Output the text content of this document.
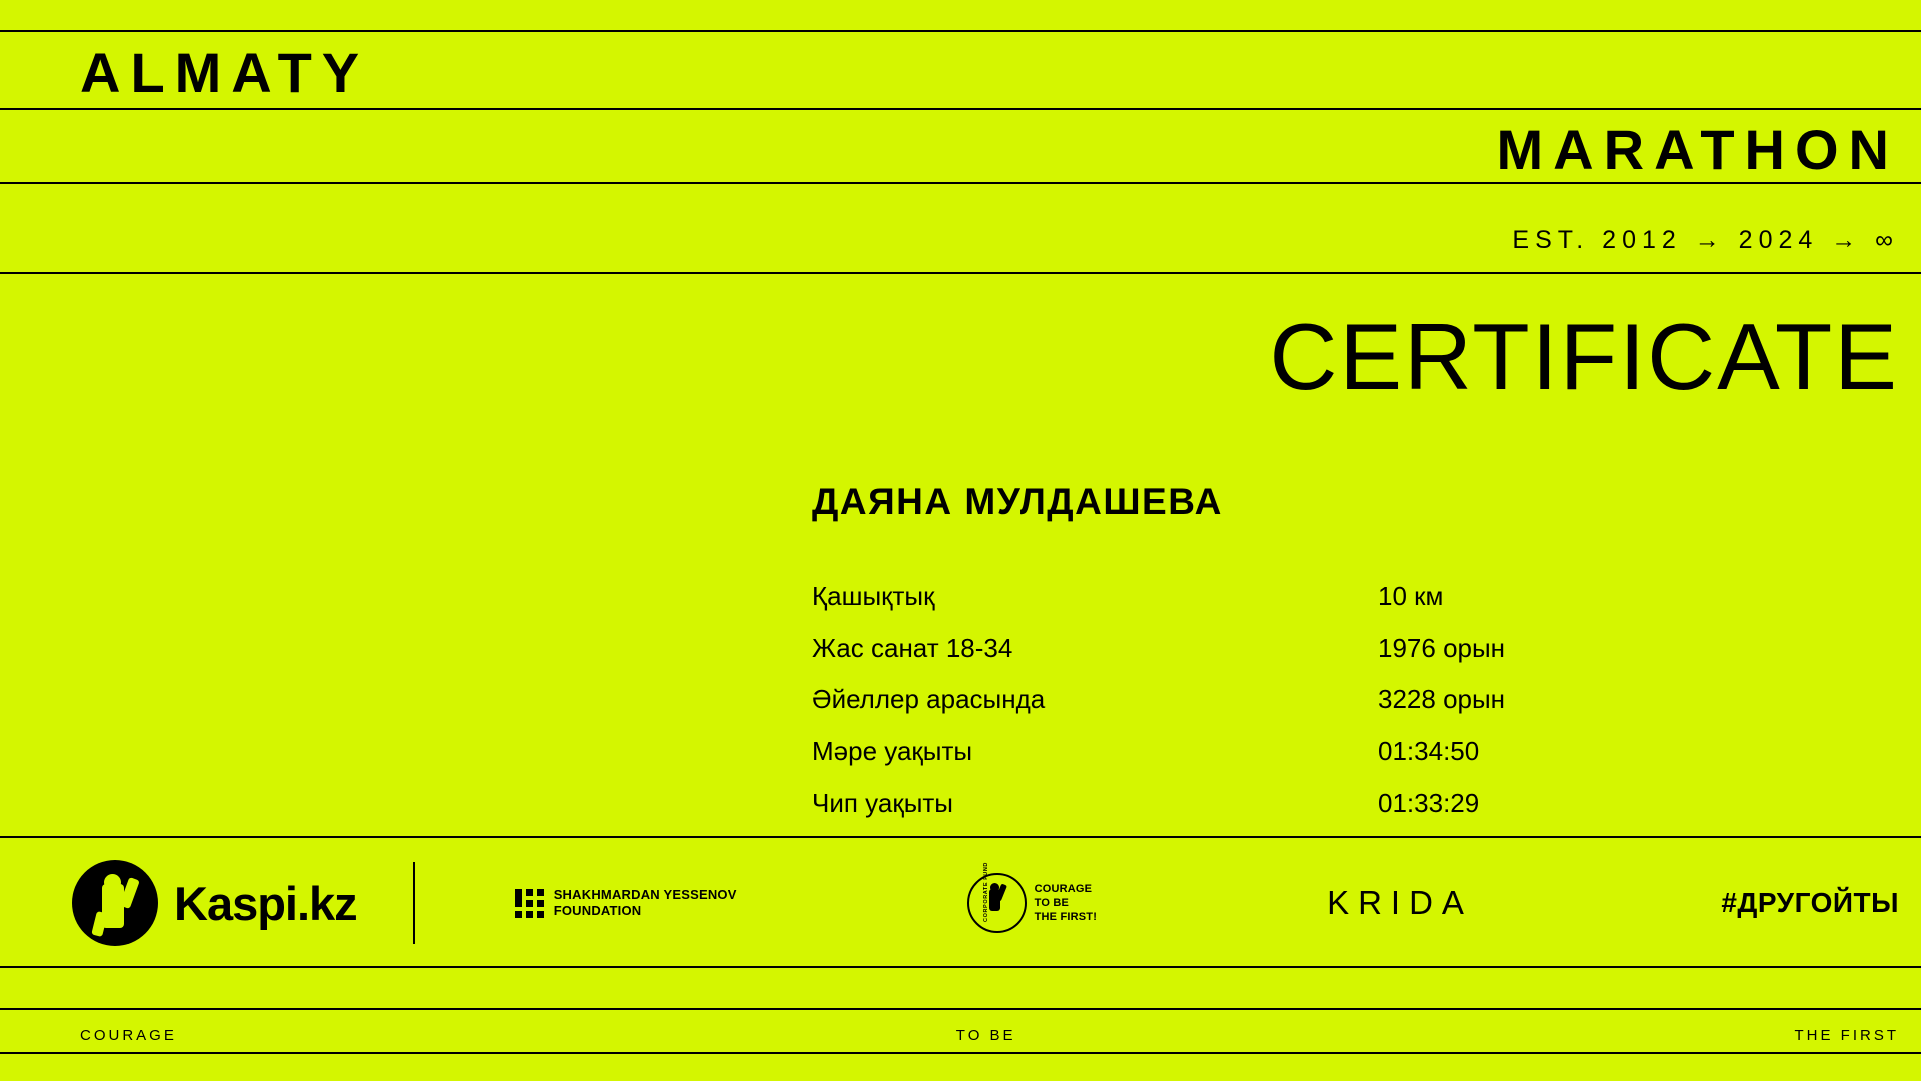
ALMATY
MARATHON
EST. 2012 → 2024 → ∞
CERTIFICATE
ДАЯНА МУЛДАШЕВА
Қашықтық	10 км
Жас санат 18-34	1976 орын
Әйеллер арасында	3228 орын
Мәре уақыты	01:34:50
Чип уақыты	01:33:29
Kaspi.kz	SHAKHMARDAN YESSENOV
FOUNDATION	CORPORATE FUND	COURAGE
TO BE
THE FIRST!	KRIDA	#ДРУГОЙТЫ
COURAGE	TO BE	THE FIRST
